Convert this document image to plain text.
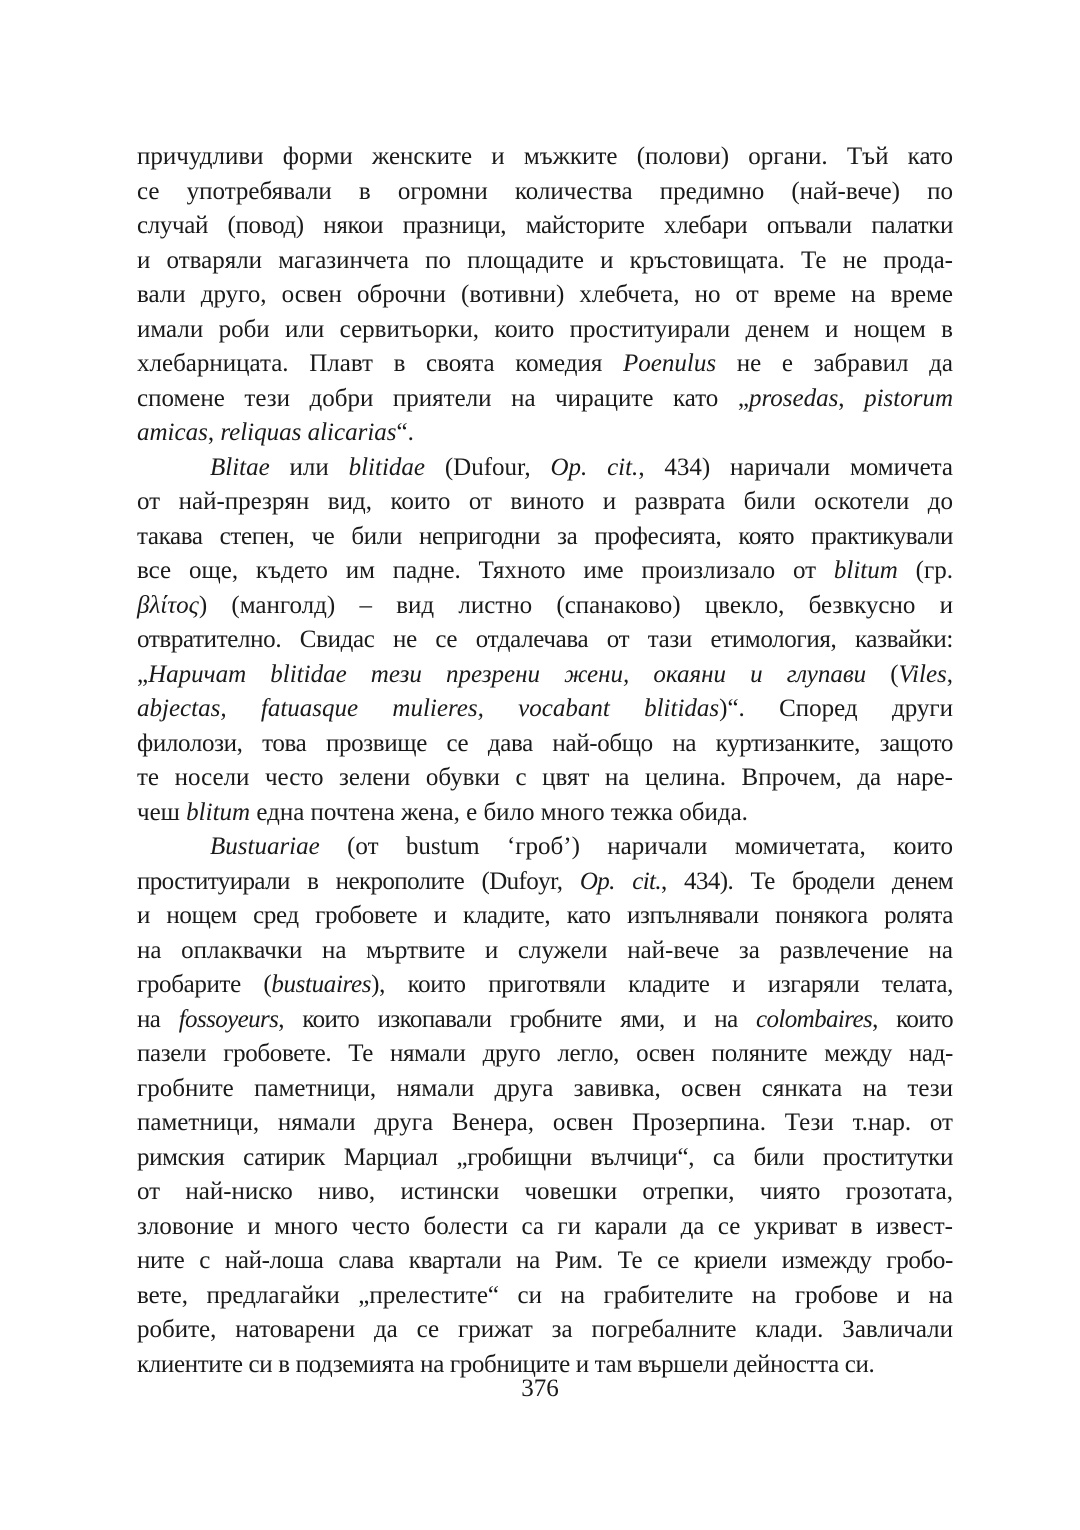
причудливи форми женските и мъжките (полови) органи. Тъй като
се употребявали в огромни количества предимно (най-вече) по
случай (повод) някои празници, майсторите хлебари опъвали палатки
и отваряли магазинчета по площадите и кръстовищата. Те не прода-
вали друго, освен оброчни (вотивни) хлебчета, но от време на време
имали роби или сервитьорки, които проституирали денем и нощем в
хлебарницата. Плавт в своята комедия Poenulus не е забравил да
спомене тези добри приятели на чираците като „prosedas, pistorum
amicas, reliquas alicarias“.
Blitae или blitidae (Dufour, Op. cit., 434) наричали момичета
от най-презрян вид, които от виното и разврата били оскотели до
такава степен, че били непригодни за професията, която практикували
все още, където им падне. Тяхното име произлизало от blitum (гр.
βλίτος) (манголд) – вид листно (спанаково) цвекло, безвкусно и
отвратително. Свидас не се отдалечава от тази етимология, казвайки:
„Наричат blitidae тези презрени жени, окаяни и глупави (Viles,
abjectas, fatuasque mulieres, vocabant blitidas)“. Според други
филолози, това прозвище се дава най-общо на куртизанките, защото
те носели често зелени обувки с цвят на целина. Впрочем, да наре-
чеш blitum една почтена жена, е било много тежка обида.
Bustuariae (от bustum ‘гроб’) наричали момичетата, които
проституирали в некрополите (Dufoyr, Op. cit., 434). Те бродели денем
и нощем сред гробовете и кладите, като изпълнявали понякога ролята
на оплаквачки на мъртвите и служели най-вече за развлечение на
гробарите (bustuaires), които приготвяли кладите и изгаряли телата,
на fossoyeurs, които изкопавали гробните ями, и на colombaires, които
пазели гробовете. Те нямали друго легло, освен поляните между над-
гробните паметници, нямали друга завивка, освен сянката на тези
паметници, нямали друга Венера, освен Прозерпина. Тези т.нар. от
римския сатирик Марциал „гробищни вълчици“, са били проститутки
от най-ниско ниво, истински човешки отрепки, чиято грозотата,
зловоние и много често болести са ги карали да се укриват в извест-
ните с най-лоша слава квартали на Рим. Те се криели измежду гробо-
вете, предлагайки „прелестите“ си на грабителите на гробове и на
робите, натоварени да се грижат за погребалните клади. Завличали
клиентите си в подземията на гробниците и там вършели дейността си.
376
